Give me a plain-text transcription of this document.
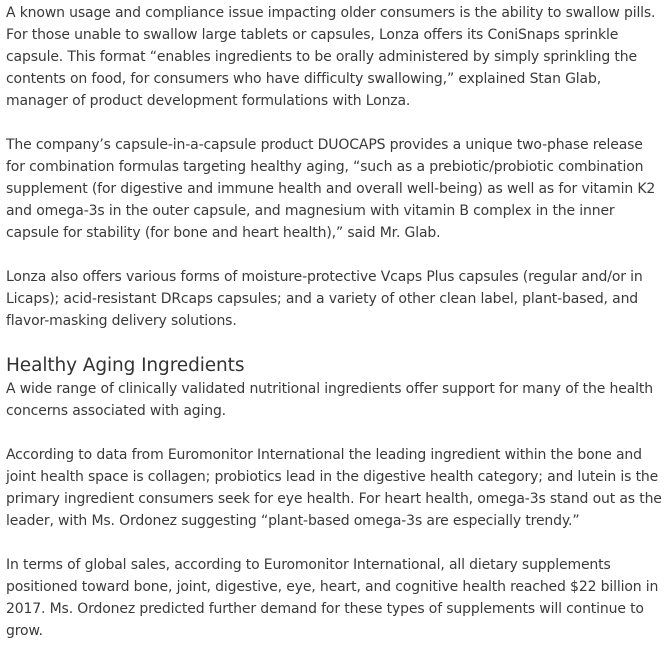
A known usage and compliance issue impacting older consumers is the ability to swallow pills. For those unable to swallow large tablets or capsules, Lonza offers its ConiSnaps sprinkle capsule. This format “enables ingredients to be orally administered by simply sprinkling the contents on food, for consumers who have difficulty swallowing,” explained Stan Glab, manager of product development formulations with Lonza.

The company’s capsule-in-a-capsule product DUOCAPS provides a unique two-phase release for combination formulas targeting healthy aging, “such as a prebiotic/probiotic combination supplement (for digestive and immune health and overall well-being) as well as for vitamin K2 and omega-3s in the outer capsule, and magnesium with vitamin B complex in the inner capsule for stability (for bone and heart health),” said Mr. Glab.

Lonza also offers various forms of moisture-protective Vcaps Plus capsules (regular and/or in Licaps); acid-resistant DRcaps capsules; and a variety of other clean label, plant-based, and flavor-masking delivery solutions.

Healthy Aging Ingredients

A wide range of clinically validated nutritional ingredients offer support for many of the health concerns associated with aging.

According to data from Euromonitor International the leading ingredient within the bone and joint health space is collagen; probiotics lead in the digestive health category; and lutein is the primary ingredient consumers seek for eye health. For heart health, omega-3s stand out as the leader, with Ms. Ordonez suggesting “plant-based omega-3s are especially trendy.”

In terms of global sales, according to Euromonitor International, all dietary supplements positioned toward bone, joint, digestive, eye, heart, and cognitive health reached $22 billion in 2017. Ms. Ordonez predicted further demand for these types of supplements will continue to grow.
